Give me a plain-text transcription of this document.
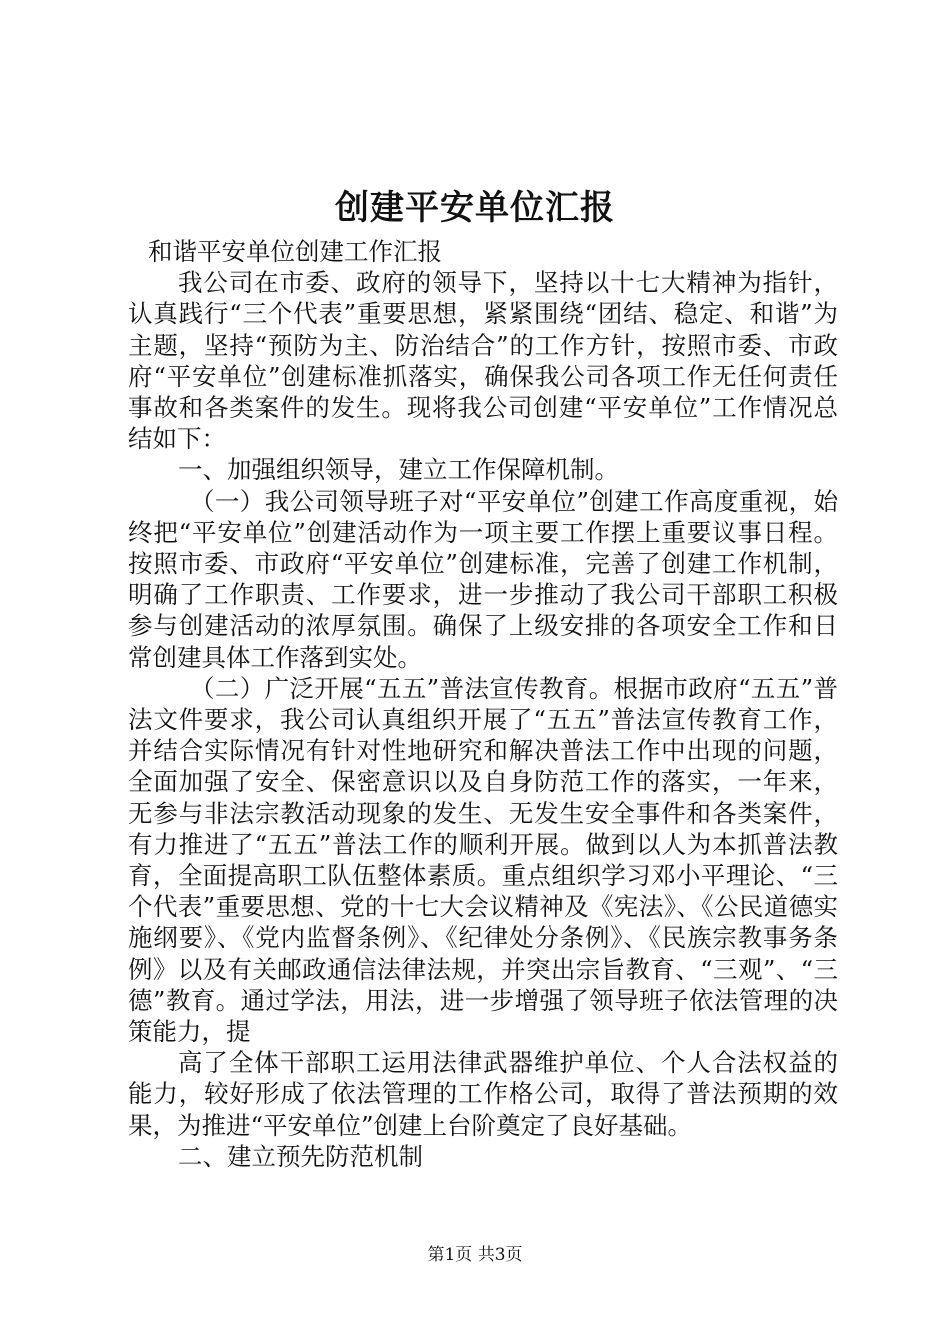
创建平安单位汇报

和谐平安单位创建工作汇报

我公司在市委、政府的领导下，坚持以十七大精神为指针，认真践行“三个代表”重要思想，紧紧围绕“团结、稳定、和谐”为主题，坚持“预防为主、防治结合”的工作方针，按照市委、市政府“平安单位”创建标准抓落实，确保我公司各项工作无任何责任事故和各类案件的发生。现将我公司创建“平安单位”工作情况总结如下：

一、加强组织领导，建立工作保障机制。

（一）我公司领导班子对“平安单位”创建工作高度重视，始终把“平安单位”创建活动作为一项主要工作摆上重要议事日程。按照市委、市政府“平安单位”创建标准，完善了创建工作机制，明确了工作职责、工作要求，进一步推动了我公司干部职工积极参与创建活动的浓厚氛围。确保了上级安排的各项安全工作和日常创建具体工作落到实处。

（二）广泛开展“五五”普法宣传教育。根据市政府“五五”普法文件要求，我公司认真组织开展了“五五”普法宣传教育工作，并结合实际情况有针对性地研究和解决普法工作中出现的问题，全面加强了安全、保密意识以及自身防范工作的落实，一年来，无参与非法宗教活动现象的发生、无发生安全事件和各类案件，有力推进了“五五”普法工作的顺利开展。做到以人为本抓普法教育，全面提高职工队伍整体素质。重点组织学习邓小平理论、“三个代表”重要思想、党的十七大会议精神及《宪法》、《公民道德实施纲要》、《党内监督条例》、《纪律处分条例》、《民族宗教事务条例》以及有关邮政通信法律法规，并突出宗旨教育、“三观”、“三德”教育。通过学法，用法，进一步增强了领导班子依法管理的决策能力，提

高了全体干部职工运用法律武器维护单位、个人合法权益的能力，较好形成了依法管理的工作格公司，取得了普法预期的效果，为推进“平安单位”创建上台阶奠定了良好基础。

二、建立预先防范机制

第1页 共3页
